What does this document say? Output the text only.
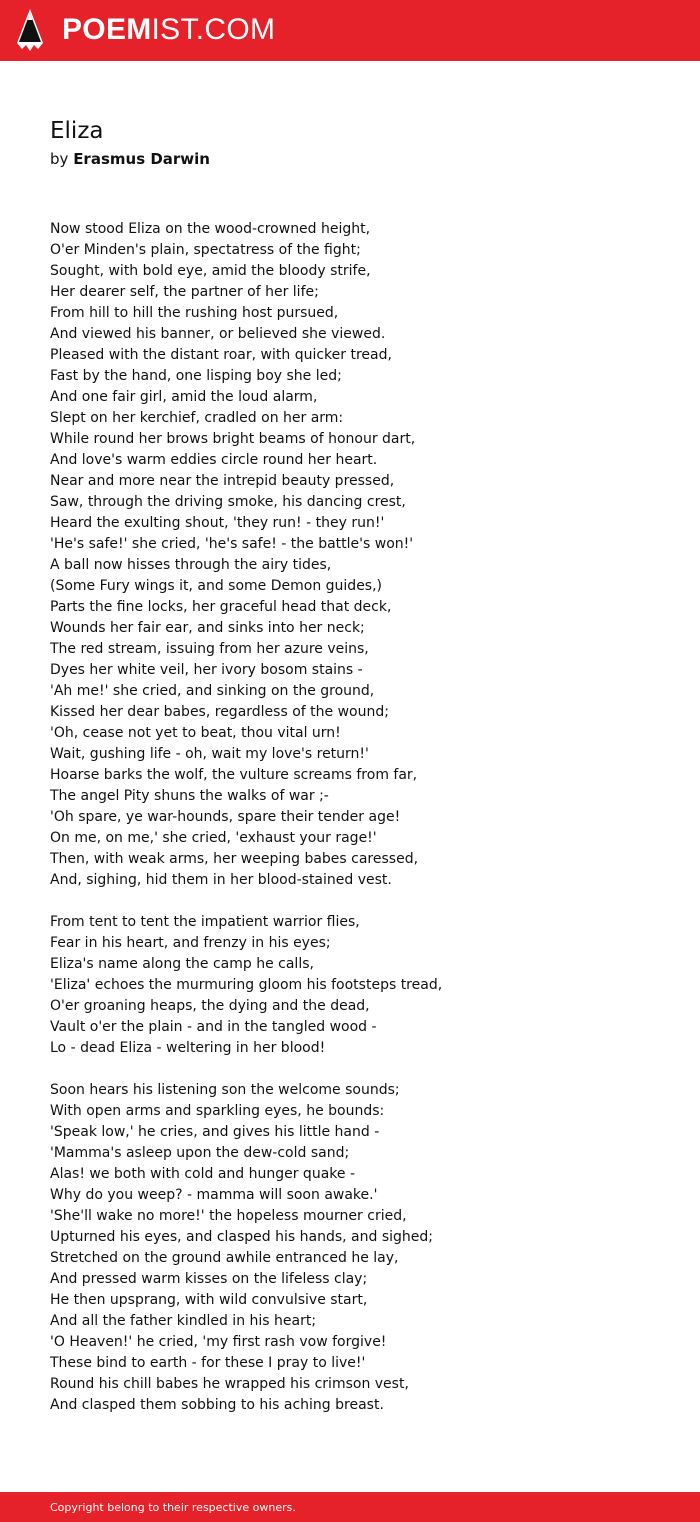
POEMIST.COM
Eliza
by Erasmus Darwin
Now stood Eliza on the wood-crowned height,
O'er Minden's plain, spectatress of the fight;
Sought, with bold eye, amid the bloody strife,
Her dearer self, the partner of her life;
From hill to hill the rushing host pursued,
And viewed his banner, or believed she viewed.
Pleased with the distant roar, with quicker tread,
Fast by the hand, one lisping boy she led;
And one fair girl, amid the loud alarm,
Slept on her kerchief, cradled on her arm:
While round her brows bright beams of honour dart,
And love's warm eddies circle round her heart.
Near and more near the intrepid beauty pressed,
Saw, through the driving smoke, his dancing crest,
Heard the exulting shout, 'they run! - they run!'
'He's safe!' she cried, 'he's safe! - the battle's won!'
A ball now hisses through the airy tides,
(Some Fury wings it, and some Demon guides,)
Parts the fine locks, her graceful head that deck,
Wounds her fair ear, and sinks into her neck;
The red stream, issuing from her azure veins,
Dyes her white veil, her ivory bosom stains -
'Ah me!' she cried, and sinking on the ground,
Kissed her dear babes, regardless of the wound;
'Oh, cease not yet to beat, thou vital urn!
Wait, gushing life - oh, wait my love's return!'
Hoarse barks the wolf, the vulture screams from far,
The angel Pity shuns the walks of war ;-
'Oh spare, ye war-hounds, spare their tender age!
On me, on me,' she cried, 'exhaust your rage!'
Then, with weak arms, her weeping babes caressed,
And, sighing, hid them in her blood-stained vest.
From tent to tent the impatient warrior flies,
Fear in his heart, and frenzy in his eyes;
Eliza's name along the camp he calls,
'Eliza' echoes the murmuring gloom his footsteps tread,
O'er groaning heaps, the dying and the dead,
Vault o'er the plain - and in the tangled wood -
Lo - dead Eliza - weltering in her blood!
Soon hears his listening son the welcome sounds;
With open arms and sparkling eyes, he bounds:
'Speak low,' he cries, and gives his little hand -
'Mamma's asleep upon the dew-cold sand;
Alas! we both with cold and hunger quake -
Why do you weep? - mamma will soon awake.'
'She'll wake no more!' the hopeless mourner cried,
Upturned his eyes, and clasped his hands, and sighed;
Stretched on the ground awhile entranced he lay,
And pressed warm kisses on the lifeless clay;
He then upsprang, with wild convulsive start,
And all the father kindled in his heart;
'O Heaven!' he cried, 'my first rash vow forgive!
These bind to earth - for these I pray to live!'
Round his chill babes he wrapped his crimson vest,
And clasped them sobbing to his aching breast.
Copyright belong to their respective owners.
